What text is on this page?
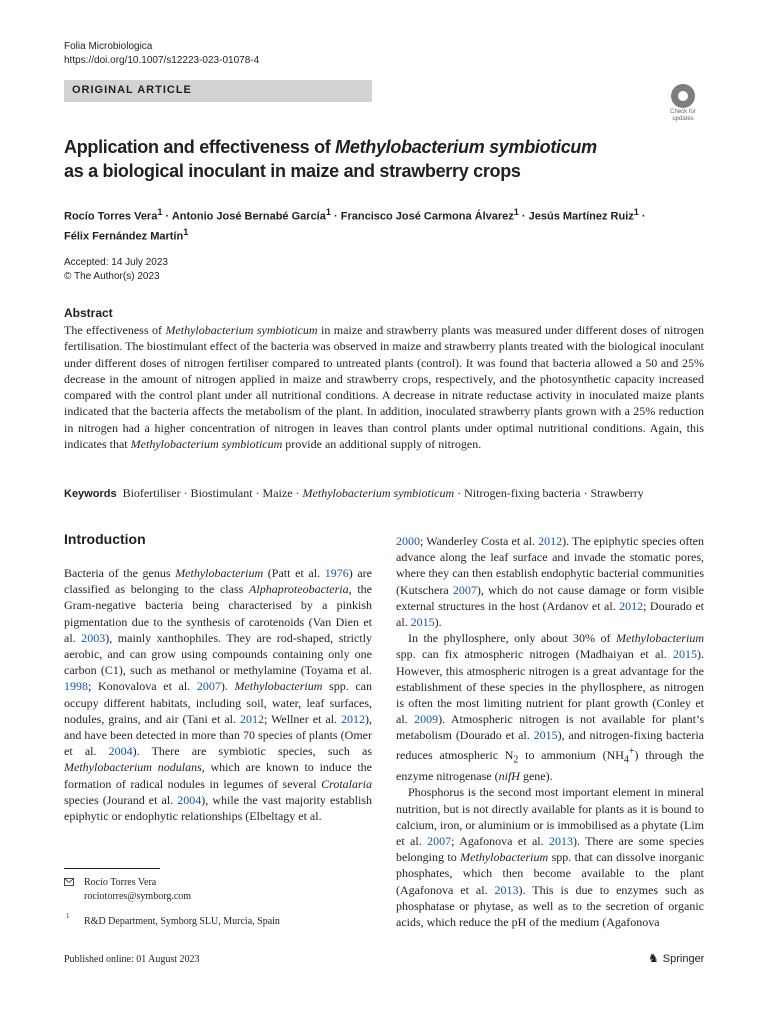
Folia Microbiologica
https://doi.org/10.1007/s12223-023-01078-4
ORIGINAL ARTICLE
Check for
updates
Application and effectiveness of Methylobacterium symbioticum
as a biological inoculant in maize and strawberry crops
Rocío Torres Vera$^1$ · Antonio José Bernabé García$^1$ · Francisco José Carmona Álvarez$^1$ · Jesús Martínez Ruiz$^1$ ·
Félix Fernández Martín$^1$
Accepted: 14 July 2023
© The Author(s) 2023
Abstract
The effectiveness of Methylobacterium symbioticum in maize and strawberry plants was measured under different doses of nitrogen fertilisation. The biostimulant effect of the bacteria was observed in maize and strawberry plants treated with the biological inoculant under different doses of nitrogen fertiliser compared to untreated plants (control). It was found that bacteria allowed a 50 and 25% decrease in the amount of nitrogen applied in maize and strawberry crops, respectively, and the photosynthetic capacity increased compared with the control plant under all nutritional conditions. A decrease in nitrate reductase activity in inoculated maize plants indicated that the bacteria affects the metabolism of the plant. In addition, inoculated strawberry plants grown with a 25% reduction in nitrogen had a higher concentration of nitrogen in leaves than control plants under optimal nutritional conditions. Again, this indicates that Methylobacterium symbioticum provide an additional supply of nitrogen.
Keywords Biofertiliser · Biostimulant · Maize · Methylobacterium symbioticum · Nitrogen-fixing bacteria · Strawberry
Introduction

Bacteria of the genus Methylobacterium (Patt et al. 1976) are classified as belonging to the class Alphaproteobacteria, the Gram-negative bacteria being characterised by a pinkish pigmentation due to the synthesis of carotenoids (Van Dien et al. 2003), mainly xanthophiles. They are rod-shaped, strictly aerobic, and can grow using compounds containing only one carbon (C1), such as methanol or methylamine (Toyama et al. 1998; Konovalova et al. 2007). Methylobacterium spp. can occupy different habitats, including soil, water, leaf surfaces, nodules, grains, and air (Tani et al. 2012; Wellner et al. 2012), and have been detected in more than 70 species of plants (Omer et al. 2004). There are symbiotic species, such as Methylobacterium nodulans, which are known to induce the formation of radical nodules in legumes of several Crotalaria species (Jourand et al. 2004), while the vast majority establish epiphytic or endophytic relationships (Elbeltagy et al.

2000; Wanderley Costa et al. 2012). The epiphytic species often advance along the leaf surface and invade the stomatic pores, where they can then establish endophytic bacterial communities (Kutschera 2007), which do not cause damage or form visible external structures in the host (Ardanov et al. 2012; Dourado et al. 2015).

In the phyllosphere, only about 30% of Methylobacterium spp. can fix atmospheric nitrogen (Madhaiyan et al. 2015). However, this atmospheric nitrogen is a great advantage for the establishment of these species in the phyllosphere, as nitrogen is often the most limiting nutrient for plant growth (Conley et al. 2009). Atmospheric nitrogen is not available for plant’s metabolism (Dourado et al. 2015), and nitrogen-fixing bacteria reduces atmospheric $N_2$ to ammonium $(NH_4^+)$ through the enzyme nitrogenase (nifH gene).

Phosphorus is the second most important element in mineral nutrition, but is not directly available for plants as it is bound to calcium, iron, or aluminium or is immobilised as a phytate (Lim et al. 2007; Agafonova et al. 2013). There are some species belonging to Methylobacterium spp. that can dissolve inorganic phosphates, which then become available to the plant (Agafonova et al. 2013). This is due to enzymes such as phosphatase or phytase, as well as to the secretion of organic acids, which reduce the pH of the medium (Agafonova

Rocío Torres Vera
rociotorres@symborg.com
1 R&D Department, Symborg SLU, Murcia, Spain
Published online: 01 August 2023	♞ Springer
